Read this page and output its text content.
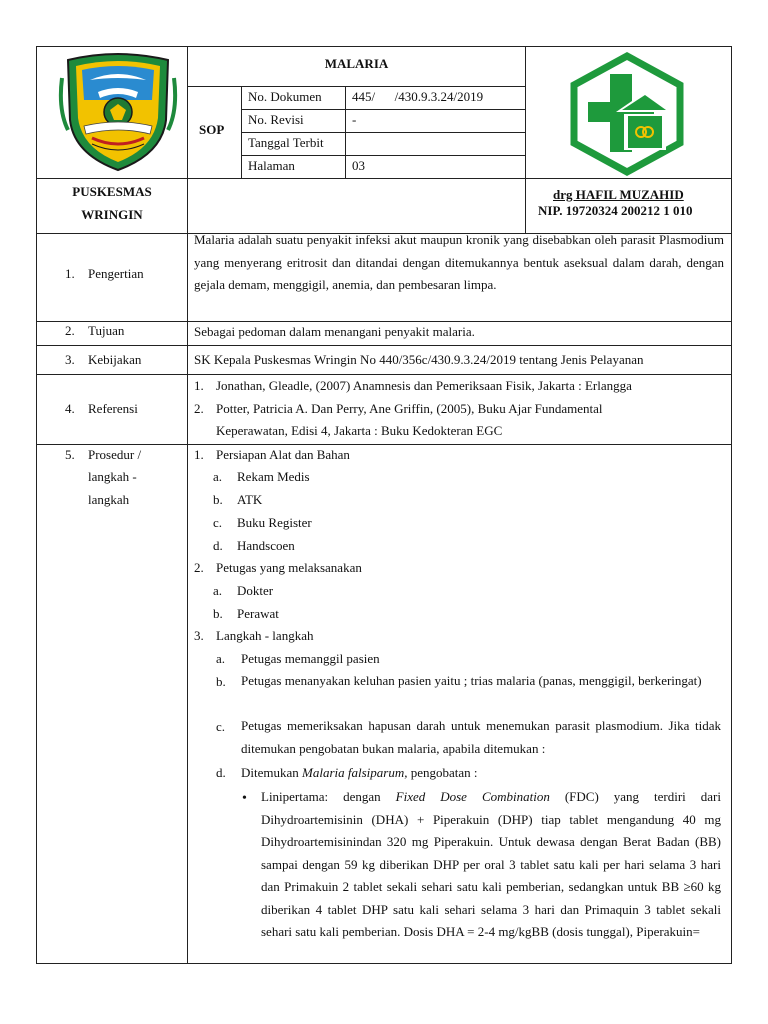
MALARIA
SOP
No. Dokumen 445/      /430.9.3.24/2019
No. Revisi	-
Tanggal Terbit
Halaman	03
PUSKESMAS
WRINGIN
drg HAFIL MUZAHID
NIP. 19720324 200212 1 010
1. Pengertian
Malaria adalah suatu penyakit infeksi akut maupun kronik yang disebabkan oleh parasit Plasmodium yang menyerang eritrosit dan ditandai dengan ditemukannya bentuk aseksual dalam darah, dengan gejala demam, menggigil, anemia, dan pembesaran limpa.
2. Tujuan	Sebagai pedoman dalam menangani penyakit malaria.
3. Kebijakan	SK Kepala Puskesmas Wringin No 440/356c/430.9.3.24/2019 tentang Jenis Pelayanan
4. Referensi
1. Jonathan, Gleadle, (2007) Anamnesis dan Pemeriksaan Fisik, Jakarta : Erlangga
2. Potter, Patricia A. Dan Perry, Ane Griffin, (2005), Buku Ajar Fundamental
Keperawatan, Edisi 4, Jakarta : Buku Kedokteran EGC
5. Prosedur /
langkah -
langkah
1. Persiapan Alat dan Bahan
a. Rekam Medis
b. ATK
c. Buku Register
d. Handscoen
2. Petugas yang melaksanakan
a. Dokter
b. Perawat
3. Langkah - langkah
a. Petugas memanggil pasien
b. Petugas menanyakan keluhan pasien yaitu ; trias malaria (panas, menggigil, berkeringat)
c. Petugas memeriksakan hapusan darah untuk menemukan parasit plasmodium. Jika tidak ditemukan pengobatan bukan malaria, apabila ditemukan :
d. Ditemukan Malaria falsiparum, pengobatan :
• Linipertama: dengan Fixed Dose Combination (FDC) yang terdiri dari Dihydroartemisinin (DHA) + Piperakuin (DHP) tiap tablet mengandung 40 mg Dihydroartemisinindan 320 mg Piperakuin. Untuk dewasa dengan Berat Badan (BB) sampai dengan 59 kg diberikan DHP per oral 3 tablet satu kali per hari selama 3 hari dan Primakuin 2 tablet sekali sehari satu kali pemberian, sedangkan untuk BB ≥60 kg diberikan 4 tablet DHP satu kali sehari selama 3 hari dan Primaquin 3 tablet sekali sehari satu kali pemberian. Dosis DHA = 2-4 mg/kgBB (dosis tunggal), Piperakuin=
